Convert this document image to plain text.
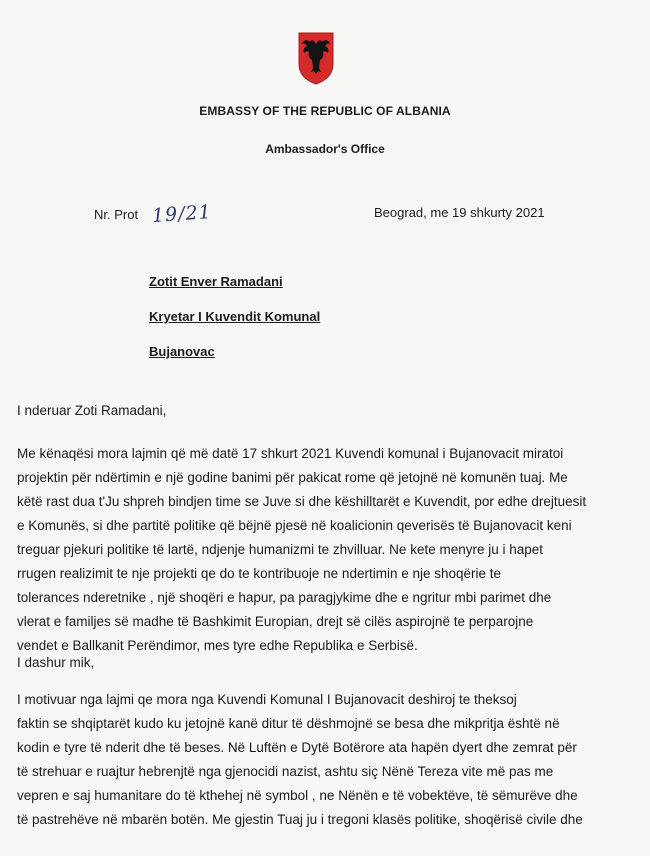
EMBASSY OF THE REPUBLIC OF ALBANIA
Ambassador's Office
Nr. Prot 19/21	Beograd, me 19 shkurty 2021
Zotit Enver Ramadani
Kryetar I Kuvendit Komunal
Bujanovac
I nderuar Zoti Ramadani,
Me kënaqësi mora lajmin që më datë 17 shkurt 2021 Kuvendi komunal i Bujanovacit miratoi
projektin për ndërtimin e një godine banimi për pakicat rome që jetojnë në komunën tuaj. Me
këtë rast dua t'Ju shpreh bindjen time se Juve si dhe këshilltarët e Kuvendit, por edhe drejtuesit
e Komunës, si dhe partitë politike që bëjnë pjesë në koalicionin qeverisës të Bujanovacit keni
treguar pjekuri politike të lartë, ndjenje humanizmi te zhvilluar. Ne kete menyre ju i hapet
rrugen realizimit te nje projekti qe do te kontribuoje ne ndertimin e nje shoqërie te
tolerances nderetnike , një shoqëri e hapur, pa paragjykime dhe e ngritur mbi parimet dhe
vlerat e familjes së madhe të Bashkimit Europian, drejt së cilës aspirojnë te perparojne
vendet e Ballkanit Perëndimor, mes tyre edhe Republika e Serbisë.
I dashur mik,
I motivuar nga lajmi qe mora nga Kuvendi Komunal I Bujanovacit deshiroj te theksoj
faktin se shqiptarët kudo ku jetojnë kanë ditur të dëshmojnë se besa dhe mikpritja është në
kodin e tyre të nderit dhe të beses. Në Luftën e Dytë Botërore ata hapën dyert dhe zemrat për
të strehuar e ruajtur hebrenjtë nga gjenocidi nazist, ashtu siç Nënë Tereza vite më pas me
vepren e saj humanitare do të kthehej në symbol , ne Nënën e të vobektëve, të sëmurëve dhe
të pastrehëve në mbarën botën. Me gjestin Tuaj ju i tregoni klasës politike, shoqërisë civile dhe
